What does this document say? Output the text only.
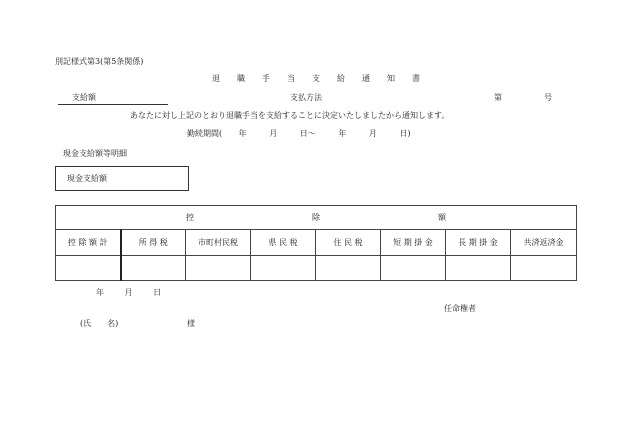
別記様式第3(第5条関係)
退 職 手 当 支 給 通 知 書
支給額	支払方法	第	号
あなたに対し上記のとおり退職手当を支給することに決定いたしましたから通知します。
勤続期間( 年	月	日〜	年	月	日)
現金支給額等明細
現金支給額
控 除 額							

控 除 額 計	所 得 税	市町村民税	県 民 税	住 民 税	短 期 掛 金	長 期 掛 金	共済返済金

年	月	日
任命権者
(氏　　名)	様
